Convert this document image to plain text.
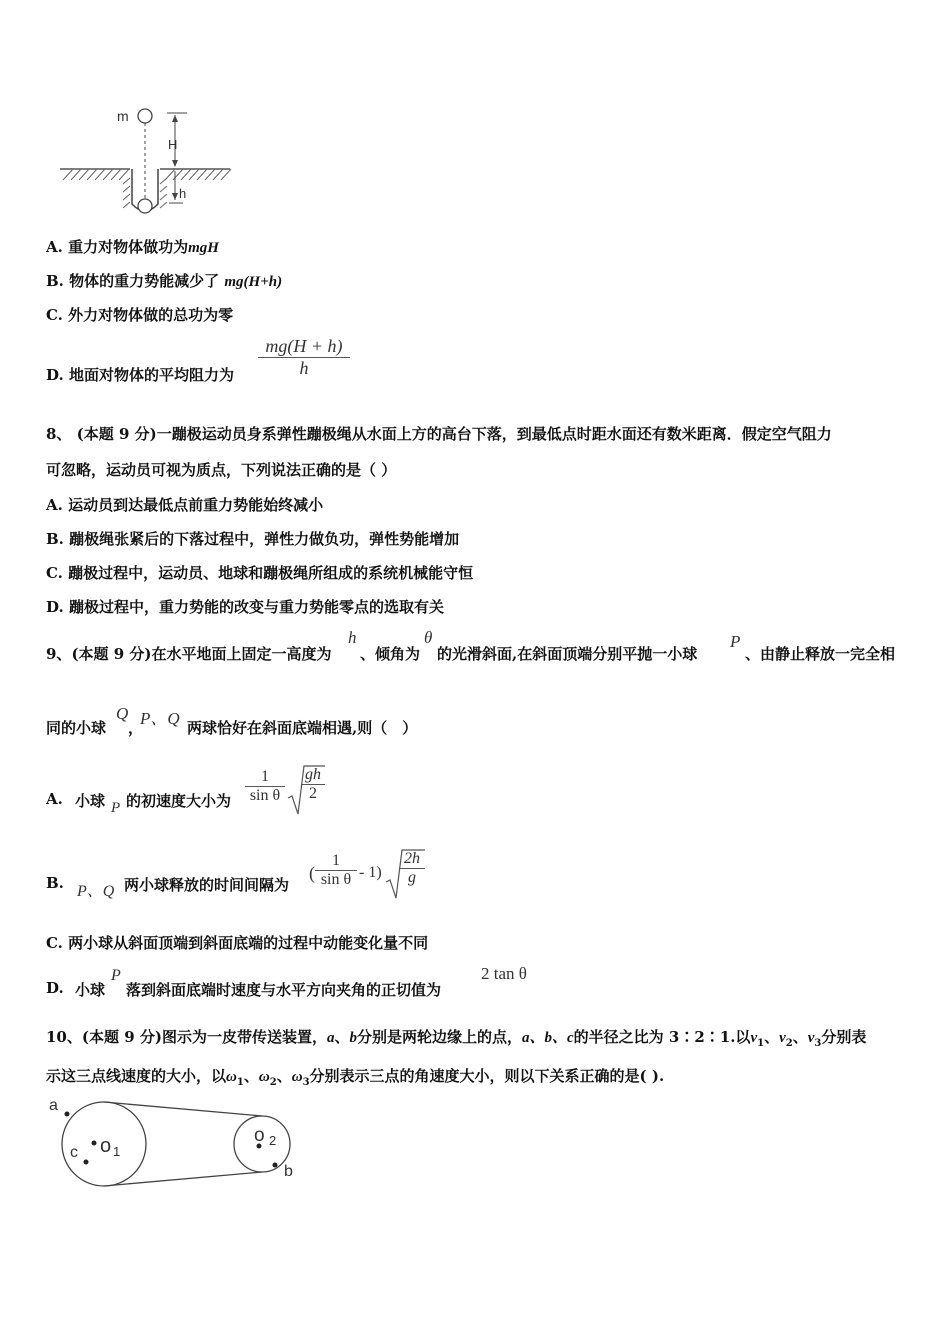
m
H
h
A. 重力对物体做功为mgH
B. 物体的重力势能减少了 mg(H+h)
C. 外力对物体做的总功为零
D. 地面对物体的平均阻力为
mg(H + h)
h
8、 (本题 9 分)一蹦极运动员身系弹性蹦极绳从水面上方的高台下落，到最低点时距水面还有数米距离．假定空气阻力
可忽略，运动员可视为质点，下列说法正确的是（ ）
A. 运动员到达最低点前重力势能始终减小
B. 蹦极绳张紧后的下落过程中，弹性力做负功，弹性势能增加
C. 蹦极过程中，运动员、地球和蹦极绳所组成的系统机械能守恒
D. 蹦极过程中，重力势能的改变与重力势能零点的选取有关
9、(本题 9 分)在水平地面上固定一高度为
h
、倾角为
θ
的光滑斜面,在斜面顶端分别平抛一小球
P
、由静止释放一完全相
同的小球
Q
，
P、Q 两球恰好在斜面底端相遇,则（　）
A. 小球 P 的初速度大小为
1
sin θ
gh
2
B. P、Q 两小球释放的时间间隔为
(
1
sin θ - 1)
2h
g
C. 两小球从斜面顶端到斜面底端的过程中动能变化量不同
D. 小球
P
落到斜面底端时速度与水平方向夹角的正切值为
2 tan θ
10、(本题 9 分)图示为一皮带传送装置，a、b分别是两轮边缘上的点，a、b、c的半径之比为 3∶2∶1.以$v_1$、$v_2$、$v_3$分别表
示这三点线速度的大小，以$\omega_1$、$\omega_2$、$\omega_3$分别表示三点的角速度大小，则以下关系正确的是( ).
a
c o 1
o 2
b
